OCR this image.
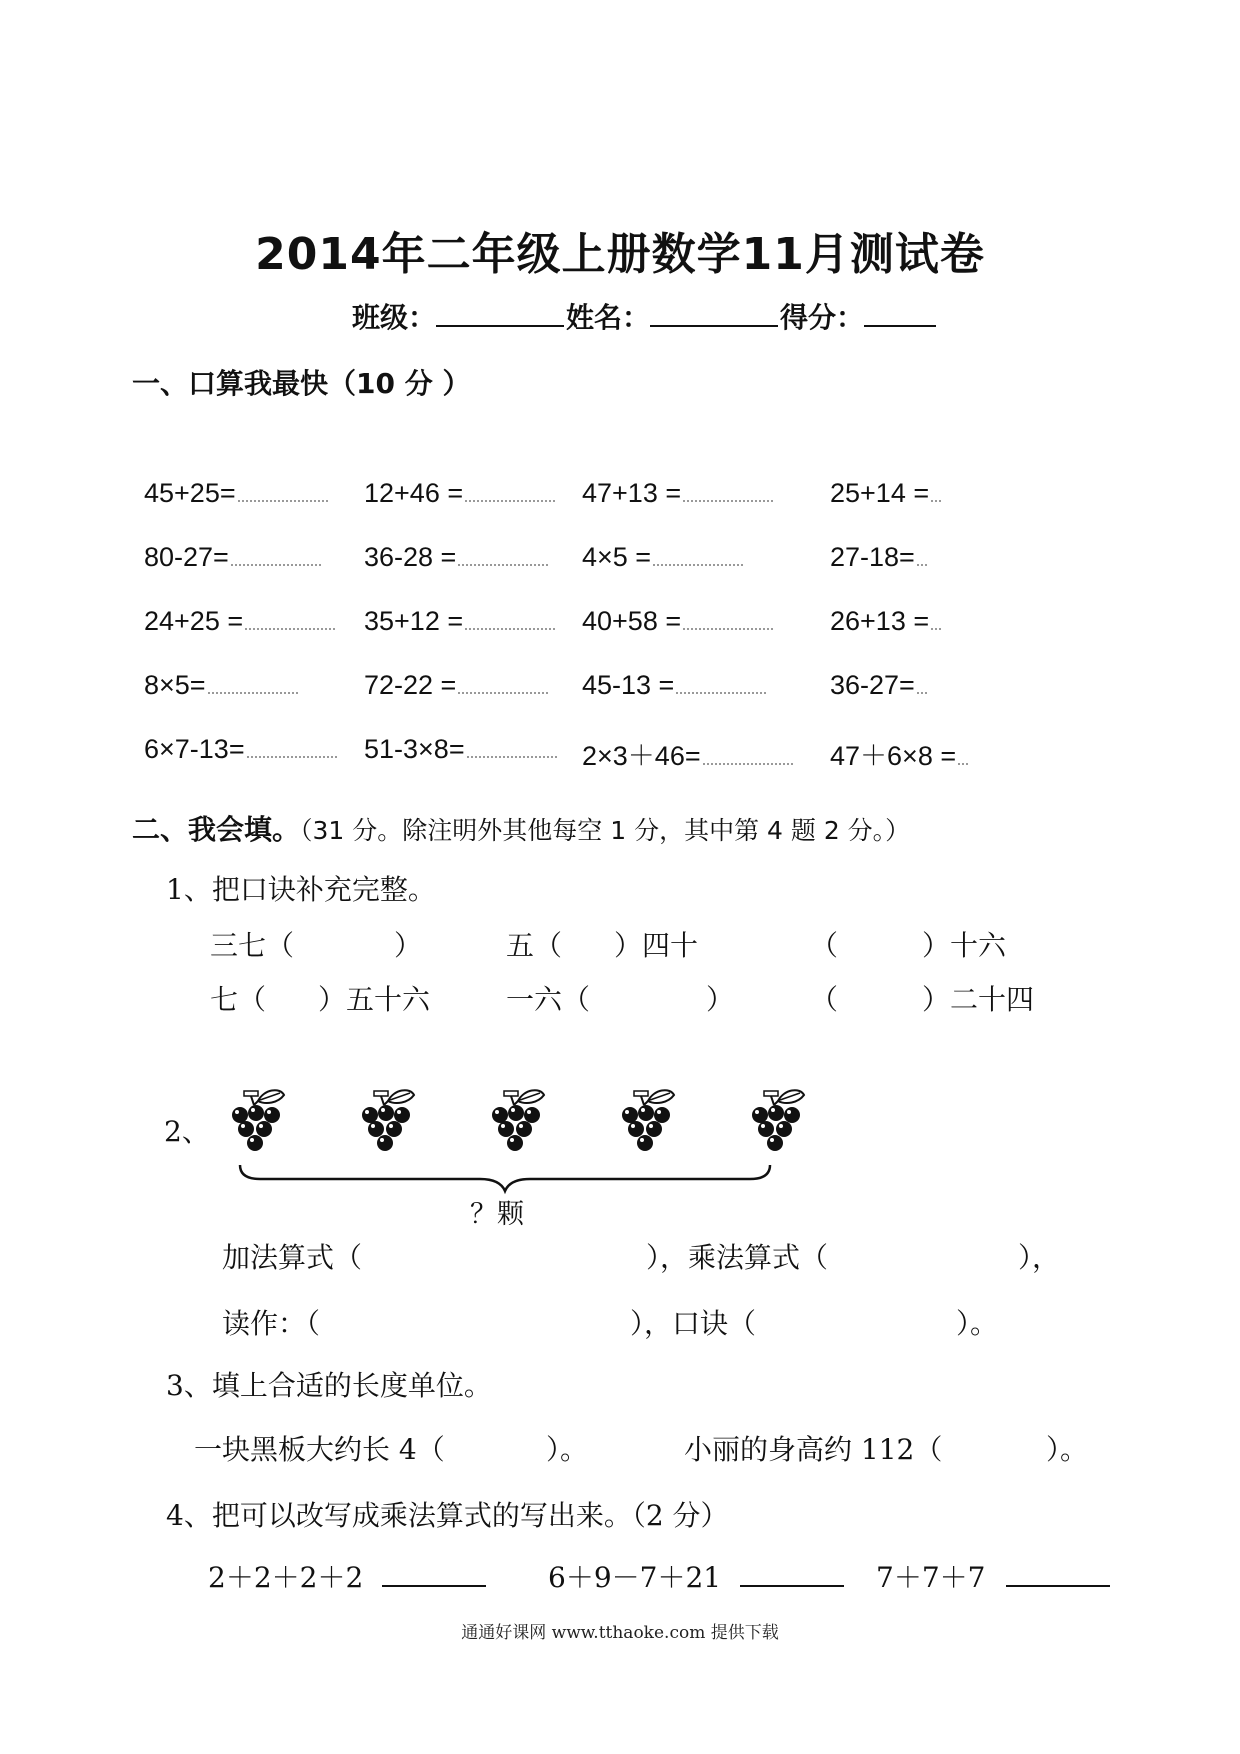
2014年二年级上册数学11月测试卷
班级：	姓名：	得分：
一、口算我最快（10 分 ）
45+25=	12+46 =	47+13 =	25+14 =
80-27=	36-28 =	4×5 =	27-18=
24+25 =	35+12 =	40+58 =	26+13 =
8×5=	72-22 =	45-13 =	36-27=
6×7-13=	51-3×8=	2×3＋46=	47＋6×8 =
二、我会填。（31 分。除注明外其他每空 1 分，其中第 4 题 2 分。）
1、把口诀补充完整。
三七（	）	五（ ）四十	（	）十六
七（ ）五十六	一六（	）	（	）二十四
2、
？颗
加法算式（	），乘法算式（	），
读作：（	），口诀（	）。
3、填上合适的长度单位。
一块黑板大约长 4（	）。	小丽的身高约 112（	）。
4、把可以改写成乘法算式的写出来。（2 分）
2＋2＋2＋2	6＋9－7＋21	7＋7＋7
通通好课网 www.tthaoke.com 提供下载
